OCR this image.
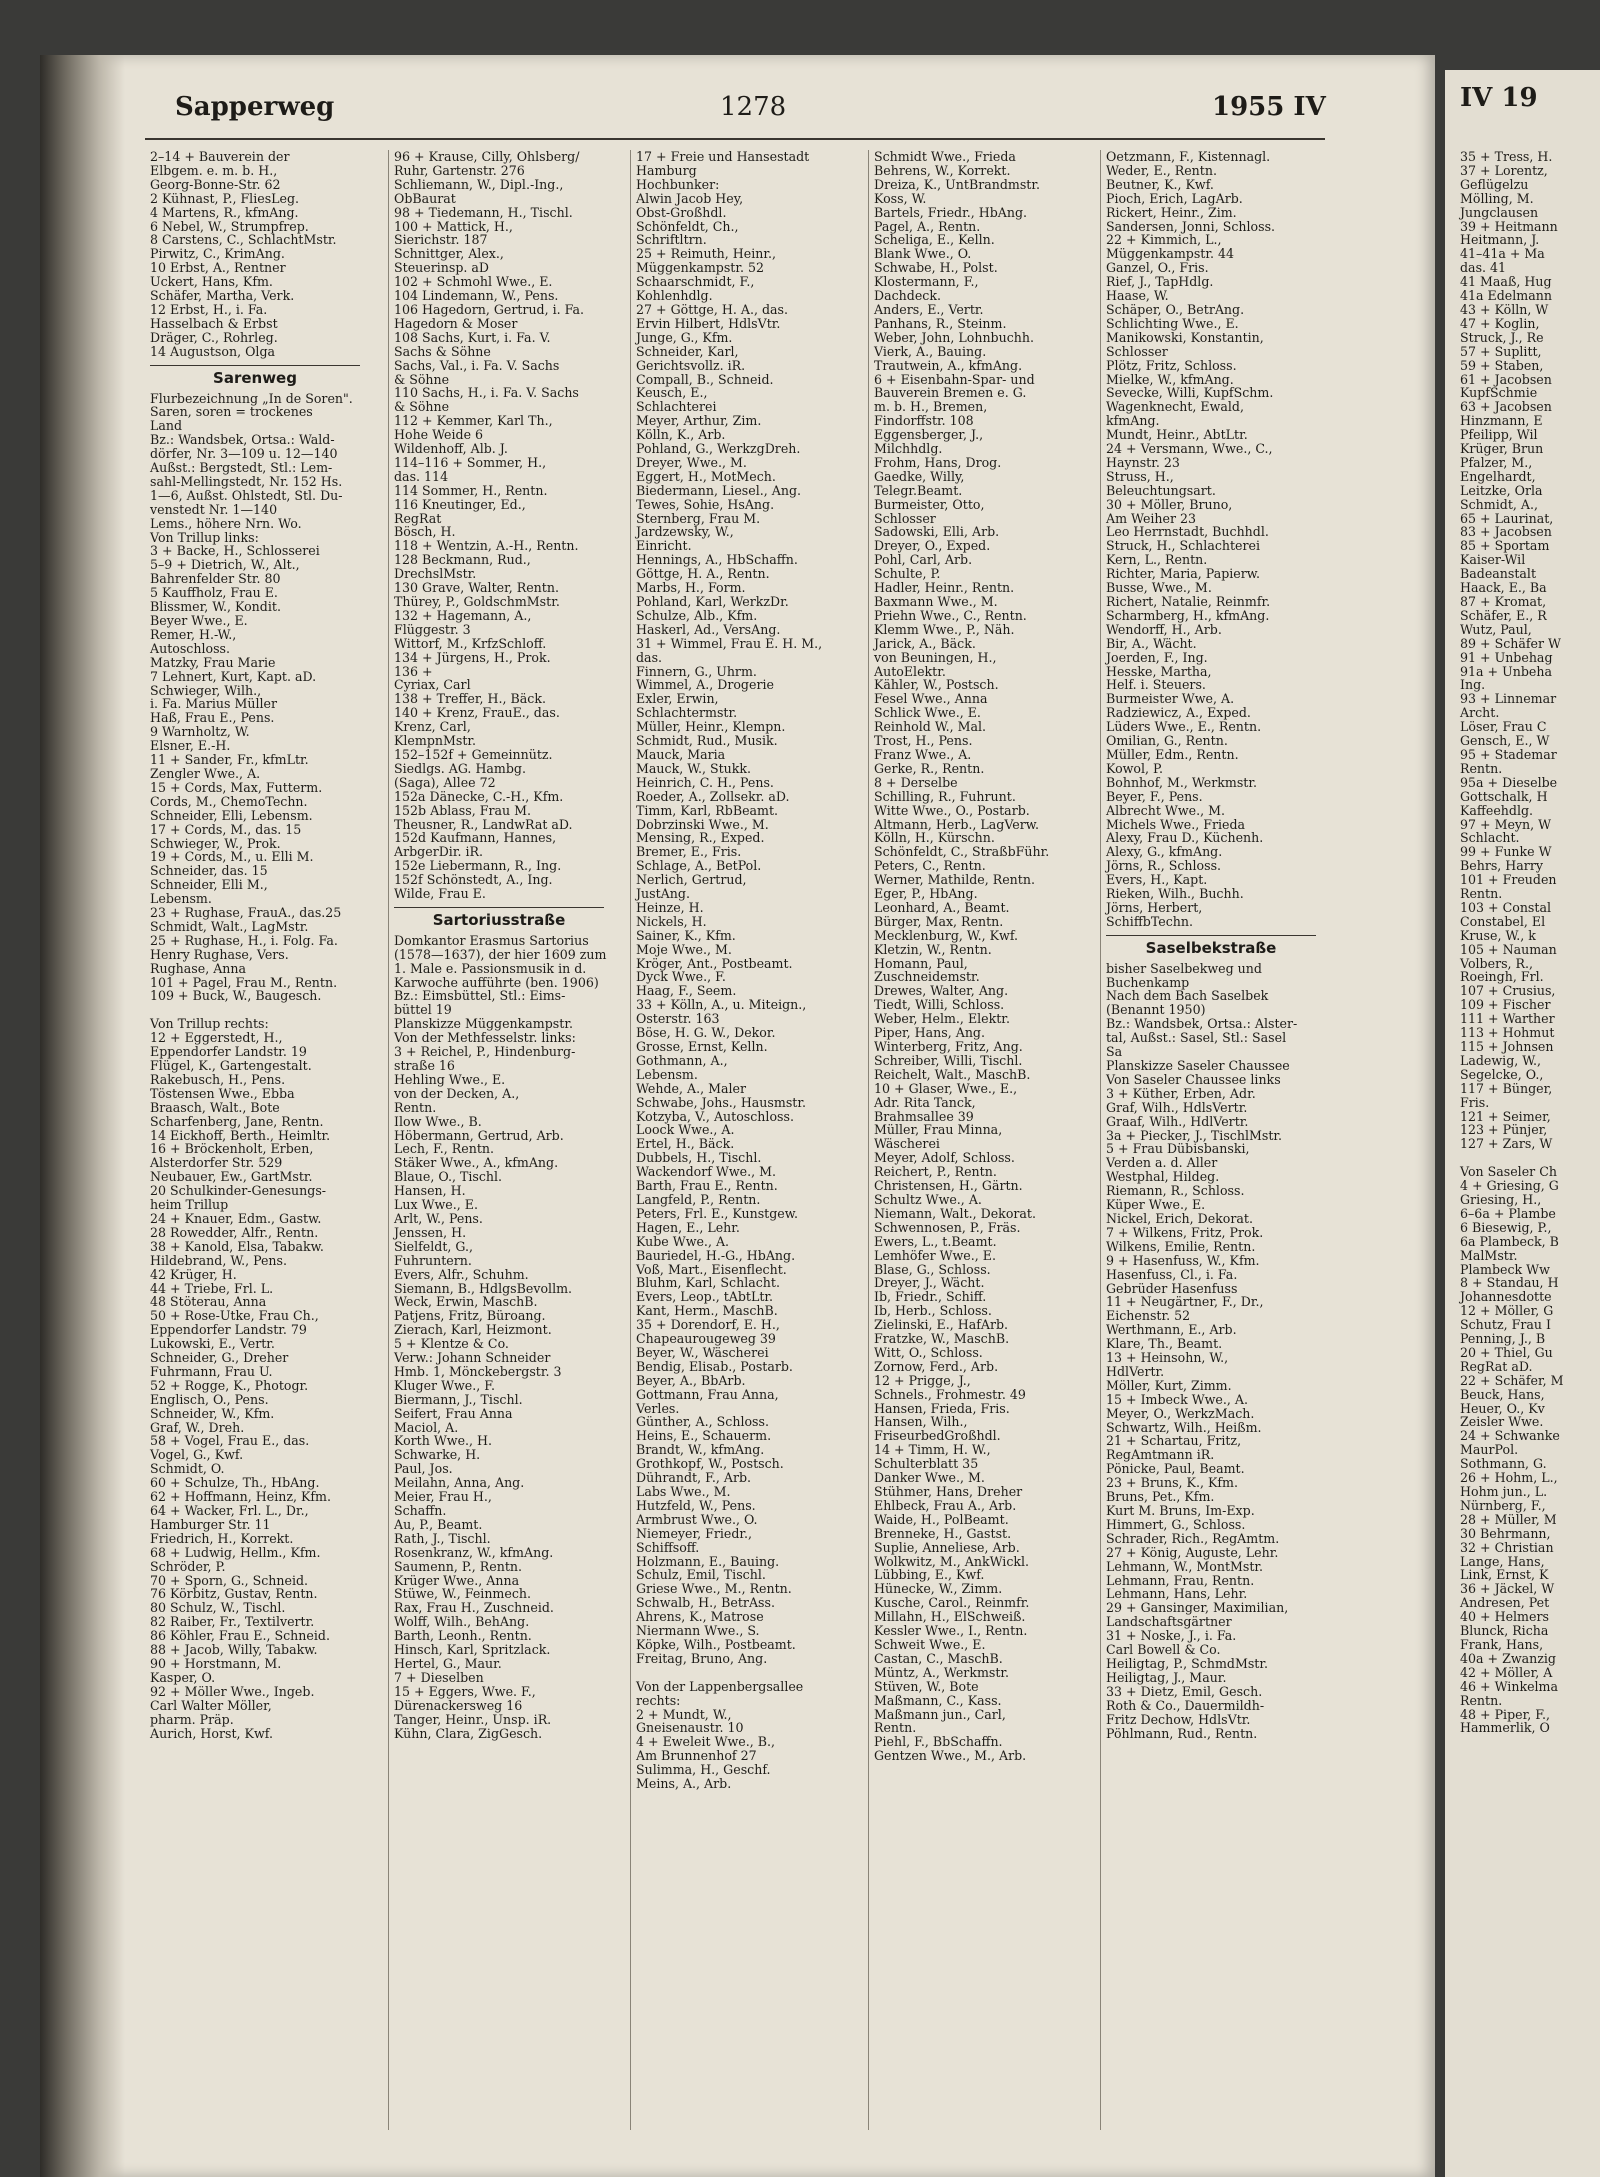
Sapperweg	1278	1955 IV
2–14 + Bauverein der
Elbgem. e. m. b. H.,
Georg-Bonne-Str. 62
2 Kühnast, P., FliesLeg.
4 Martens, R., kfmAng.
6 Nebel, W., Strumpfrep.
8 Carstens, C., SchlachtMstr.
Pirwitz, C., KrimAng.
10 Erbst, A., Rentner
Uckert, Hans, Kfm.
Schäfer, Martha, Verk.
12 Erbst, H., i. Fa.
Hasselbach & Erbst
Dräger, C., Rohrleg.
14 Augustson, Olga
Sarenweg
Flurbezeichnung „In de Soren".
Saren, soren = trockenes
Land
Bz.: Wandsbek, Ortsa.: Wald-
dörfer, Nr. 3—109 u. 12—140
Außst.: Bergstedt, Stl.: Lem-
sahl-Mellingstedt, Nr. 152 Hs.
1—6, Außst. Ohlstedt, Stl. Du-
venstedt Nr. 1—140
Lems., höhere Nrn. Wo.
Von Trillup links:
3 + Backe, H., Schlosserei
5–9 + Dietrich, W., Alt.,
Bahrenfelder Str. 80
5 Kauffholz, Frau E.
Blissmer, W., Kondit.
Beyer Wwe., E.
Remer, H.-W.,
Autoschloss.
Matzky, Frau Marie
7 Lehnert, Kurt, Kapt. aD.
Schwieger, Wilh.,
i. Fa. Marius Müller
Haß, Frau E., Pens.
9 Warnholtz, W.
Elsner, E.-H.
11 + Sander, Fr., kfmLtr.
Zengler Wwe., A.
15 + Cords, Max, Futterm.
Cords, M., ChemoTechn.
Schneider, Elli, Lebensm.
17 + Cords, M., das. 15
Schwieger, W., Prok.
19 + Cords, M., u. Elli M.
Schneider, das. 15
Schneider, Elli M.,
Lebensm.
23 + Rughase, FrauA., das.25
Schmidt, Walt., LagMstr.
25 + Rughase, H., i. Folg. Fa.
Henry Rughase, Vers.
Rughase, Anna
101 + Pagel, Frau M., Rentn.
109 + Buck, W., Baugesch.

Von Trillup rechts:
12 + Eggerstedt, H.,
Eppendorfer Landstr. 19
Flügel, K., Gartengestalt.
Rakebusch, H., Pens.
Töstensen Wwe., Ebba
Braasch, Walt., Bote
Scharfenberg, Jane, Rentn.
14 Eickhoff, Berth., Heimltr.
16 + Bröckenholt, Erben,
Alsterdorfer Str. 529
Neubauer, Ew., GartMstr.
20 Schulkinder-Genesungs-
heim Trillup
24 + Knauer, Edm., Gastw.
28 Rowedder, Alfr., Rentn.
38 + Kanold, Elsa, Tabakw.
Hildebrand, W., Pens.
42 Krüger, H.
44 + Triebe, Frl. L.
48 Stöterau, Anna
50 + Rose-Utke, Frau Ch.,
Eppendorfer Landstr. 79
Lukowski, E., Vertr.
Schneider, G., Dreher
Fuhrmann, Frau U.
52 + Rogge, K., Photogr.
Englisch, O., Pens.
Schneider, W., Kfm.
Graf, W., Dreh.
58 + Vogel, Frau E., das.
Vogel, G., Kwf.
Schmidt, O.
60 + Schulze, Th., HbAng.
62 + Hoffmann, Heinz, Kfm.
64 + Wacker, Frl. L., Dr.,
Hamburger Str. 11
Friedrich, H., Korrekt.
68 + Ludwig, Hellm., Kfm.
Schröder, P.
70 + Sporn, G., Schneid.
76 Körbitz, Gustav, Rentn.
80 Schulz, W., Tischl.
82 Raiber, Fr., Textilvertr.
86 Köhler, Frau E., Schneid.
88 + Jacob, Willy, Tabakw.
90 + Horstmann, M.
Kasper, O.
92 + Möller Wwe., Ingeb.
Carl Walter Möller,
pharm. Präp.
Aurich, Horst, Kwf.
96 + Krause, Cilly, Ohlsberg/
Ruhr, Gartenstr. 276
Schliemann, W., Dipl.-Ing.,
ObBaurat
98 + Tiedemann, H., Tischl.
100 + Mattick, H.,
Sierichstr. 187
Schnittger, Alex.,
Steuerinsp. aD
102 + Schmohl Wwe., E.
104 Lindemann, W., Pens.
106 Hagedorn, Gertrud, i. Fa.
Hagedorn & Moser
108 Sachs, Kurt, i. Fa. V.
Sachs & Söhne
Sachs, Val., i. Fa. V. Sachs
& Söhne
110 Sachs, H., i. Fa. V. Sachs
& Söhne
112 + Kemmer, Karl Th.,
Hohe Weide 6
Wildenhoff, Alb. J.
114–116 + Sommer, H.,
das. 114
114 Sommer, H., Rentn.
116 Kneutinger, Ed.,
RegRat
Bösch, H.
118 + Wentzin, A.-H., Rentn.
128 Beckmann, Rud.,
DrechslMstr.
130 Grave, Walter, Rentn.
Thürey, P., GoldschmMstr.
132 + Hagemann, A.,
Flüggestr. 3
Wittorf, M., KrfzSchloff.
134 + Jürgens, H., Prok.
136 +
Cyriax, Carl
138 + Treffer, H., Bäck.
140 + Krenz, FrauE., das.
Krenz, Carl,
KlempnMstr.
152–152f + Gemeinnütz.
Siedlgs. AG. Hambg.
(Saga), Allee 72
152a Dänecke, C.-H., Kfm.
152b Ablass, Frau M.
Theusner, R., LandwRat aD.
152d Kaufmann, Hannes,
ArbgerDir. iR.
152e Liebermann, R., Ing.
152f Schönstedt, A., Ing.
Wilde, Frau E.
Sartoriusstraße
Domkantor Erasmus Sartorius
(1578—1637), der hier 1609 zum
1. Male e. Passionsmusik in d.
Karwoche aufführte (ben. 1906)
Bz.: Eimsbüttel, Stl.: Eims-
büttel 19
Planskizze Müggenkampstr.
Von der Methfesselstr. links:
3 + Reichel, P., Hindenburg-
straße 16
Hehling Wwe., E.
von der Decken, A.,
Rentn.
Ilow Wwe., B.
Höbermann, Gertrud, Arb.
Lech, F., Rentn.
Stäker Wwe., A., kfmAng.
Blaue, O., Tischl.
Hansen, H.
Lux Wwe., E.
Arlt, W., Pens.
Jenssen, H.
Sielfeldt, G.,
Fuhruntern.
Evers, Alfr., Schuhm.
Siemann, B., HdlgsBevollm.
Weck, Erwin, MaschB.
Patjens, Fritz, Büroang.
Zierach, Karl, Heizmont.
5 + Klentze & Co.
Verw.: Johann Schneider
Hmb. 1, Mönckebergstr. 3
Kluger Wwe., F.
Biermann, J., Tischl.
Seifert, Frau Anna
Maciol, A.
Korth Wwe., H.
Schwarke, H.
Paul, Jos.
Meilahn, Anna, Ang.
Meier, Frau H.,
Schaffn.
Au, P., Beamt.
Rath, J., Tischl.
Rosenkranz, W., kfmAng.
Saumenn, P., Rentn.
Krüger Wwe., Anna
Stüwe, W., Feinmech.
Rax, Frau H., Zuschneid.
Wolff, Wilh., BehAng.
Barth, Leonh., Rentn.
Hinsch, Karl, Spritzlack.
Hertel, G., Maur.
7 + Dieselben
15 + Eggers, Wwe. F.,
Dürenackersweg 16
Tanger, Heinr., Unsp. iR.
Kühn, Clara, ZigGesch.
17 + Freie und Hansestadt
Hamburg
Hochbunker:
Alwin Jacob Hey,
Obst-Großhdl.
Schönfeldt, Ch.,
Schriftltrn.
25 + Reimuth, Heinr.,
Müggenkampstr. 52
Schaarschmidt, F.,
Kohlenhdlg.
27 + Göttge, H. A., das.
Ervin Hilbert, HdlsVtr.
Junge, G., Kfm.
Schneider, Karl,
Gerichtsvollz. iR.
Compall, B., Schneid.
Keusch, E.,
Schlachterei
Meyer, Arthur, Zim.
Kölln, K., Arb.
Pohland, G., WerkzgDreh.
Dreyer, Wwe., M.
Eggert, H., MotMech.
Biedermann, Liesel., Ang.
Tewes, Sohie, HsAng.
Sternberg, Frau M.
Jardzewsky, W.,
Einricht.
Hennings, A., HbSchaffn.
Göttge, H. A., Rentn.
Marbs, H., Form.
Pohland, Karl, WerkzDr.
Schulze, Alb., Kfm.
Haskerl, Ad., VersAng.
31 + Wimmel, Frau E. H. M.,
das.
Finnern, G., Uhrm.
Wimmel, A., Drogerie
Exler, Erwin,
Schlachtermstr.
Müller, Heinr., Klempn.
Schmidt, Rud., Musik.
Mauck, Maria
Mauck, W., Stukk.
Heinrich, C. H., Pens.
Roeder, A., Zollsekr. aD.
Timm, Karl, RbBeamt.
Dobrzinski Wwe., M.
Mensing, R., Exped.
Bremer, E., Fris.
Schlage, A., BetPol.
Nerlich, Gertrud,
JustAng.
Heinze, H.
Nickels, H.
Sainer, K., Kfm.
Moje Wwe., M.
Kröger, Ant., Postbeamt.
Dyck Wwe., F.
Haag, F., Seem.
33 + Kölln, A., u. Miteign.,
Osterstr. 163
Böse, H. G. W., Dekor.
Grosse, Ernst, Kelln.
Gothmann, A.,
Lebensm.
Wehde, A., Maler
Schwabe, Johs., Hausmstr.
Kotzyba, V., Autoschloss.
Loock Wwe., A.
Ertel, H., Bäck.
Dubbels, H., Tischl.
Wackendorf Wwe., M.
Barth, Frau E., Rentn.
Langfeld, P., Rentn.
Peters, Frl. E., Kunstgew.
Hagen, E., Lehr.
Kube Wwe., A.
Bauriedel, H.-G., HbAng.
Voß, Mart., Eisenflecht.
Bluhm, Karl, Schlacht.
Evers, Leop., tAbtLtr.
Kant, Herm., MaschB.
35 + Dorendorf, E. H.,
Chapeaurougeweg 39
Beyer, W., Wäscherei
Bendig, Elisab., Postarb.
Beyer, A., BbArb.
Gottmann, Frau Anna,
Verles.
Günther, A., Schloss.
Heins, E., Schauerm.
Brandt, W., kfmAng.
Grothkopf, W., Postsch.
Dührandt, F., Arb.
Labs Wwe., M.
Hutzfeld, W., Pens.
Armbrust Wwe., O.
Niemeyer, Friedr.,
Schiffsoff.
Holzmann, E., Bauing.
Schulz, Emil, Tischl.
Griese Wwe., M., Rentn.
Schwalb, H., BetrAss.
Ahrens, K., Matrose
Niermann Wwe., S.
Köpke, Wilh., Postbeamt.
Freitag, Bruno, Ang.

Von der Lappenbergsallee
rechts:
2 + Mundt, W.,
Gneisenaustr. 10
4 + Eweleit Wwe., B.,
Am Brunnenhof 27
Sulimma, H., Geschf.
Meins, A., Arb.
Schmidt Wwe., Frieda
Behrens, W., Korrekt.
Dreiza, K., UntBrandmstr.
Koss, W.
Bartels, Friedr., HbAng.
Pagel, A., Rentn.
Scheliga, E., Kelln.
Blank Wwe., O.
Schwabe, H., Polst.
Klostermann, F.,
Dachdeck.
Anders, E., Vertr.
Panhans, R., Steinm.
Weber, John, Lohnbuchh.
Vierk, A., Bauing.
Trautwein, A., kfmAng.
6 + Eisenbahn-Spar- und
Bauverein Bremen e. G.
m. b. H., Bremen,
Findorffstr. 108
Eggensberger, J.,
Milchhdlg.
Frohm, Hans, Drog.
Gaedke, Willy,
Telegr.Beamt.
Burmeister, Otto,
Schlosser
Sadowski, Elli, Arb.
Dreyer, O., Exped.
Pohl, Carl, Arb.
Schulte, P.
Hadler, Heinr., Rentn.
Baxmann Wwe., M.
Priehn Wwe., C., Rentn.
Klemm Wwe., P., Näh.
Jarick, A., Bäck.
von Beuningen, H.,
AutoElektr.
Kähler, W., Postsch.
Fesel Wwe., Anna
Schlick Wwe., E.
Reinhold W., Mal.
Trost, H., Pens.
Franz Wwe., A.
Gerke, R., Rentn.
8 + Derselbe
Schilling, R., Fuhrunt.
Witte Wwe., O., Postarb.
Altmann, Herb., LagVerw.
Kölln, H., Kürschn.
Schönfeldt, C., StraßbFühr.
Peters, C., Rentn.
Werner, Mathilde, Rentn.
Eger, P., HbAng.
Leonhard, A., Beamt.
Bürger, Max, Rentn.
Mecklenburg, W., Kwf.
Kletzin, W., Rentn.
Homann, Paul,
Zuschneidemstr.
Drewes, Walter, Ang.
Tiedt, Willi, Schloss.
Weber, Helm., Elektr.
Piper, Hans, Ang.
Winterberg, Fritz, Ang.
Schreiber, Willi, Tischl.
Reichelt, Walt., MaschB.
10 + Glaser, Wwe., E.,
Adr. Rita Tanck,
Brahmsallee 39
Müller, Frau Minna,
Wäscherei
Meyer, Adolf, Schloss.
Reichert, P., Rentn.
Christensen, H., Gärtn.
Schultz Wwe., A.
Niemann, Walt., Dekorat.
Schwennosen, P., Fräs.
Ewers, L., t.Beamt.
Lemhöfer Wwe., E.
Blase, G., Schloss.
Dreyer, J., Wächt.
Ib, Friedr., Schiff.
Ib, Herb., Schloss.
Zielinski, E., HafArb.
Fratzke, W., MaschB.
Witt, O., Schloss.
Zornow, Ferd., Arb.
12 + Prigge, J.,
Schnels., Frohmestr. 49
Hansen, Frieda, Fris.
Hansen, Wilh.,
FriseurbedGroßhdl.
14 + Timm, H. W.,
Schulterblatt 35
Danker Wwe., M.
Stühmer, Hans, Dreher
Ehlbeck, Frau A., Arb.
Waide, H., PolBeamt.
Brenneke, H., Gastst.
Suplie, Anneliese, Arb.
Wolkwitz, M., AnkWickl.
Lübbing, E., Kwf.
Hünecke, W., Zimm.
Kusche, Carol., Reinmfr.
Millahn, H., ElSchweiß.
Kessler Wwe., I., Rentn.
Schweit Wwe., E.
Castan, C., MaschB.
Müntz, A., Werkmstr.
Stüven, W., Bote
Maßmann, C., Kass.
Maßmann jun., Carl,
Rentn.
Piehl, F., BbSchaffn.
Gentzen Wwe., M., Arb.
Oetzmann, F., Kistennagl.
Weder, E., Rentn.
Beutner, K., Kwf.
Pioch, Erich, LagArb.
Rickert, Heinr., Zim.
Sandersen, Jonni, Schloss.
22 + Kimmich, L.,
Müggenkampstr. 44
Ganzel, O., Fris.
Rief, J., TapHdlg.
Haase, W.
Schäper, O., BetrAng.
Schlichting Wwe., E.
Manikowski, Konstantin,
Schlosser
Plötz, Fritz, Schloss.
Mielke, W., kfmAng.
Sevecke, Willi, KupfSchm.
Wagenknecht, Ewald,
kfmAng.
Mundt, Heinr., AbtLtr.
24 + Versmann, Wwe., C.,
Haynstr. 23
Struss, H.,
Beleuchtungsart.
30 + Möller, Bruno,
Am Weiher 23
Leo Herrnstadt, Buchhdl.
Struck, H., Schlachterei
Kern, L., Rentn.
Richter, Maria, Papierw.
Busse, Wwe., M.
Richert, Natalie, Reinmfr.
Scharmberg, H., kfmAng.
Wendorff, H., Arb.
Bir, A., Wächt.
Joerden, F., Ing.
Hesske, Martha,
Helf. i. Steuers.
Burmeister Wwe, A.
Radziewicz, A., Exped.
Lüders Wwe., E., Rentn.
Omilian, G., Rentn.
Müller, Edm., Rentn.
Kowol, P.
Bohnhof, M., Werkmstr.
Beyer, F., Pens.
Albrecht Wwe., M.
Michels Wwe., Frieda
Alexy, Frau D., Küchenh.
Alexy, G., kfmAng.
Jörns, R., Schloss.
Evers, H., Kapt.
Rieken, Wilh., Buchh.
Jörns, Herbert,
SchiffbTechn.
Saselbekstraße
bisher Saselbekweg und
Buchenkamp
Nach dem Bach Saselbek
(Benannt 1950)
Bz.: Wandsbek, Ortsa.: Alster-
tal, Außst.: Sasel, Stl.: Sasel
Sa
Planskizze Saseler Chaussee
Von Saseler Chaussee links
3 + Küther, Erben, Adr.
Graf, Wilh., HdlsVertr.
Graaf, Wilh., HdlVertr.
3a + Piecker, J., TischlMstr.
5 + Frau Dübisbanski,
Verden a. d. Aller
Westphal, Hildeg.
Riemann, R., Schloss.
Küper Wwe., E.
Nickel, Erich, Dekorat.
7 + Wilkens, Fritz, Prok.
Wilkens, Emilie, Rentn.
9 + Hasenfuss, W., Kfm.
Hasenfuss, Cl., i. Fa.
Gebrüder Hasenfuss
11 + Neugärtner, F., Dr.,
Eichenstr. 52
Werthmann, E., Arb.
Klare, Th., Beamt.
13 + Heinsohn, W.,
HdlVertr.
Möller, Kurt, Zimm.
15 + Imbeck Wwe., A.
Meyer, O., WerkzMach.
Schwartz, Wilh., Heißm.
21 + Schartau, Fritz,
RegAmtmann iR.
Pönicke, Paul, Beamt.
23 + Bruns, K., Kfm.
Bruns, Pet., Kfm.
Kurt M. Bruns, Im-Exp.
Himmert, G., Schloss.
Schrader, Rich., RegAmtm.
27 + König, Auguste, Lehr.
Lehmann, W., MontMstr.
Lehmann, Frau, Rentn.
Lehmann, Hans, Lehr.
29 + Gansinger, Maximilian,
Landschaftsgärtner
31 + Noske, J., i. Fa.
Carl Bowell & Co.
Heiligtag, P., SchmdMstr.
Heiligtag, J., Maur.
33 + Dietz, Emil, Gesch.
Roth & Co., Dauermildh-
Fritz Dechow, HdlsVtr.
Pöhlmann, Rud., Rentn.
IV 19
35 + Tress, H.
37 + Lorentz,
Geflügelzu
Mölling, M.
Jungclausen
39 + Heitmann
Heitmann, J.
41–41a + Ma
das. 41
41 Maaß, Hug
41a Edelmann
43 + Kölln, W
47 + Koglin,
Struck, J., Re
57 + Suplitt,
59 + Staben,
61 + Jacobsen
KupfSchmie
63 + Jacobsen
Hinzmann, E
Pfeilipp, Wil
Krüger, Brun
Pfalzer, M.,
Engelhardt,
Leitzke, Orla
Schmidt, A.,
65 + Laurinat,
83 + Jacobsen
85 + Sportam
Kaiser-Wil
Badeanstalt
Haack, E., Ba
87 + Kromat,
Schäfer, E., R
Wutz, Paul,
89 + Schäfer W
91 + Unbehag
91a + Unbeha
Ing.
93 + Linnemar
Archt.
Löser, Frau C
Gensch, E., W
95 + Stademar
Rentn.
95a + Dieselbe
Gottschalk, H
Kaffeehdlg.
97 + Meyn, W
Schlacht.
99 + Funke W
Behrs, Harry
101 + Freuden
Rentn.
103 + Constal
Constabel, El
Kruse, W., k
105 + Nauman
Volbers, R.,
Roeingh, Frl.
107 + Crusius,
109 + Fischer
111 + Warther
113 + Hohmut
115 + Johnsen
Ladewig, W.,
Segelcke, O.,
117 + Bünger,
Fris.
121 + Seimer,
123 + Pünjer,
127 + Zars, W

Von Saseler Ch
4 + Griesing, G
Griesing, H.,
6–6a + Plambe
6 Biesewig, P.,
6a Plambeck, B
MalMstr.
Plambeck Ww
8 + Standau, H
Johannesdotte
12 + Möller, G
Schutz, Frau I
Penning, J., B
20 + Thiel, Gu
RegRat aD.
22 + Schäfer, M
Beuck, Hans,
Heuer, O., Kv
Zeisler Wwe.
24 + Schwanke
MaurPol.
Sothmann, G.
26 + Hohm, L.,
Hohm jun., L.
Nürnberg, F.,
28 + Müller, M
30 Behrmann,
32 + Christian
Lange, Hans,
Link, Ernst, K
36 + Jäckel, W
Andresen, Pet
40 + Helmers
Blunck, Richa
Frank, Hans,
40a + Zwanzig
42 + Möller, A
46 + Winkelma
Rentn.
48 + Piper, F.,
Hammerlik, O
